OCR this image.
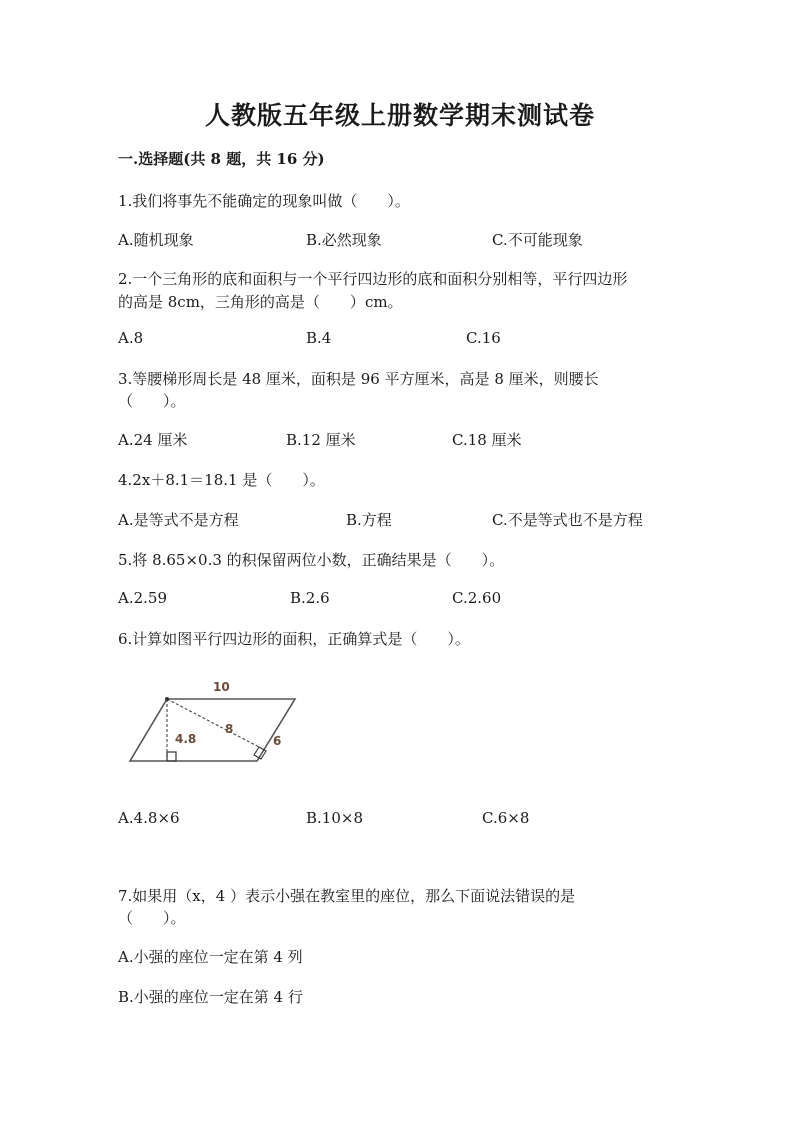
人教版五年级上册数学期末测试卷
一.选择题(共 8 题，共 16 分)
1.我们将事先不能确定的现象叫做（　　）。
A.随机现象	B.必然现象	C.不可能现象
2.一个三角形的底和面积与一个平行四边形的底和面积分别相等，平行四边形
的高是 8cm，三角形的高是（　　）cm。
A.8	B.4	C.16
3.等腰梯形周长是 48 厘米，面积是 96 平方厘米，高是 8 厘米，则腰长
（　　）。
A.24 厘米	B.12 厘米	C.18 厘米
4.2x＋8.1＝18.1 是（　　）。
A.是等式不是方程	B.方程	C.不是等式也不是方程
5.将 8.65×0.3 的积保留两位小数，正确结果是（　　）。
A.2.59	B.2.6	C.2.60
6.计算如图平行四边形的面积，正确算式是（　　）。
10
8
6
4.8
A.4.8×6	B.10×8	C.6×8
7.如果用（x，4 ）表示小强在教室里的座位，那么下面说法错误的是
（　　）。
A.小强的座位一定在第 4 列
B.小强的座位一定在第 4 行
